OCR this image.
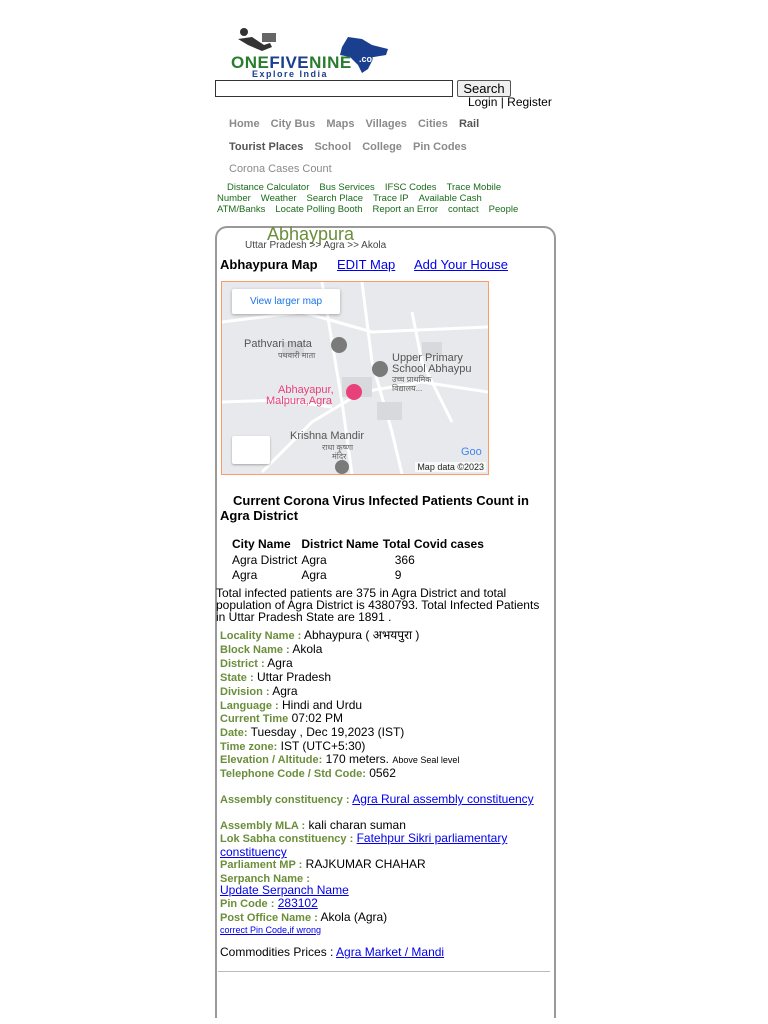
ONEFIVENINE .com
Explore India
Search
Login | Register
Home City Bus Maps Villages Cities Rail
Tourist Places School College Pin Codes
Corona Cases Count
Distance Calculator Bus Services IFSC Codes Trace Mobile Number Weather Search Place Trace IP Available Cash ATM/Banks Locate Polling Booth Report an Error contact People
Abhaypura
Uttar Pradesh >> Agra >> Akola
Abhaypura Map EDIT Map Add Your House
View larger map
Pathvari mata
पथवारी माता	Upper Primary
School Abhaypu
उच्च प्राथमिक
विद्यालय...
Abhayapur,
Malpura,Agra
Krishna Mandir
राधा कृष्णा
मंदिर	Goo
Map data ©2023
Current Corona Virus Infected Patients Count in Agra District
City Name	District Name	Total Covid cases
Agra District	Agra	366
Agra	Agra	9
Total infected patients are 375 in Agra District and total population of Agra District is 4380793. Total Infected Patients in Uttar Pradesh State are 1891 .
Locality Name : Abhaypura ( अभयपुरा )
Block Name : Akola
District : Agra
State : Uttar Pradesh
Division : Agra
Language : Hindi and Urdu
Current Time 07:02 PM
Date: Tuesday , Dec 19,2023 (IST)
Time zone: IST (UTC+5:30)
Elevation / Altitude: 170 meters. Above Seal level
Telephone Code / Std Code: 0562
Assembly constituency : Agra Rural assembly constituency
Assembly MLA : kali charan suman
Lok Sabha constituency : Fatehpur Sikri parliamentary constituency
Parliament MP : RAJKUMAR CHAHAR
Serpanch Name :
Update Serpanch Name
Pin Code : 283102
Post Office Name : Akola (Agra)
correct Pin Code,if wrong
Commodities Prices : Agra Market / Mandi
